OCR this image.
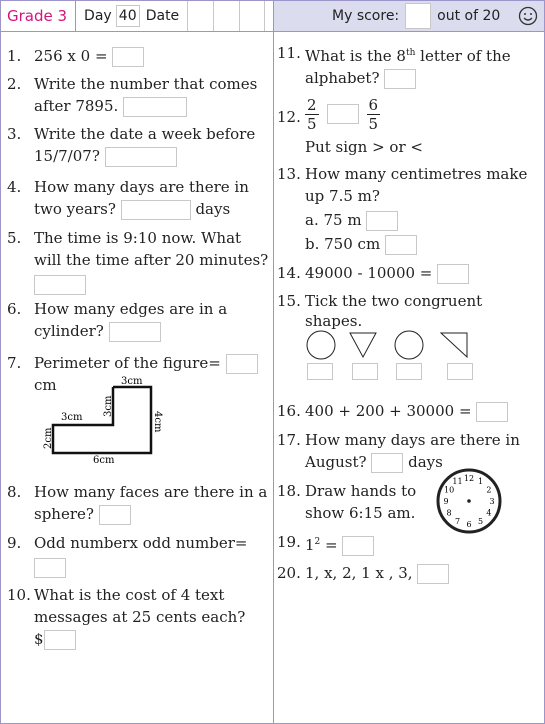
Grade 3	Day 40 Date	My score:	out of 20
1. 256 x 0 =
2. Write the number that comes
after 7895.
3. Write the date a week before
15/7/07?
4. How many days are there in
two years?	days
5. The time is 9:10 now. What
will the time after 20 minutes?
6. How many edges are in a
cylinder?
7. Perimeter of the figure=
cm	3cm
3cm
3cm
4cm
2cm
6cm
8. How many faces are there in a
sphere?
9. Odd numberx odd number=
10. What is the cost of 4 text
messages at 25 cents each?
$
11. What is the 8th letter of the
alphabet?
12. $\frac{2}{5}$	$\frac{6}{5}$
Put sign > or <
13. How many centimetres make
up 7.5 m?
a. 75 m
b. 750 cm
14. 49000 - 10000 =
15. Tick the two congruent
shapes.
16. 400 + 200 + 30000 =
17. How many days are there in
August?	days
18. Draw hands to
show 6:15 am.
12 1
2
3
4
5
6
7
8
9
10
11
19. $1^2$ =
20. 1, x, 2, 1 x , 3,
